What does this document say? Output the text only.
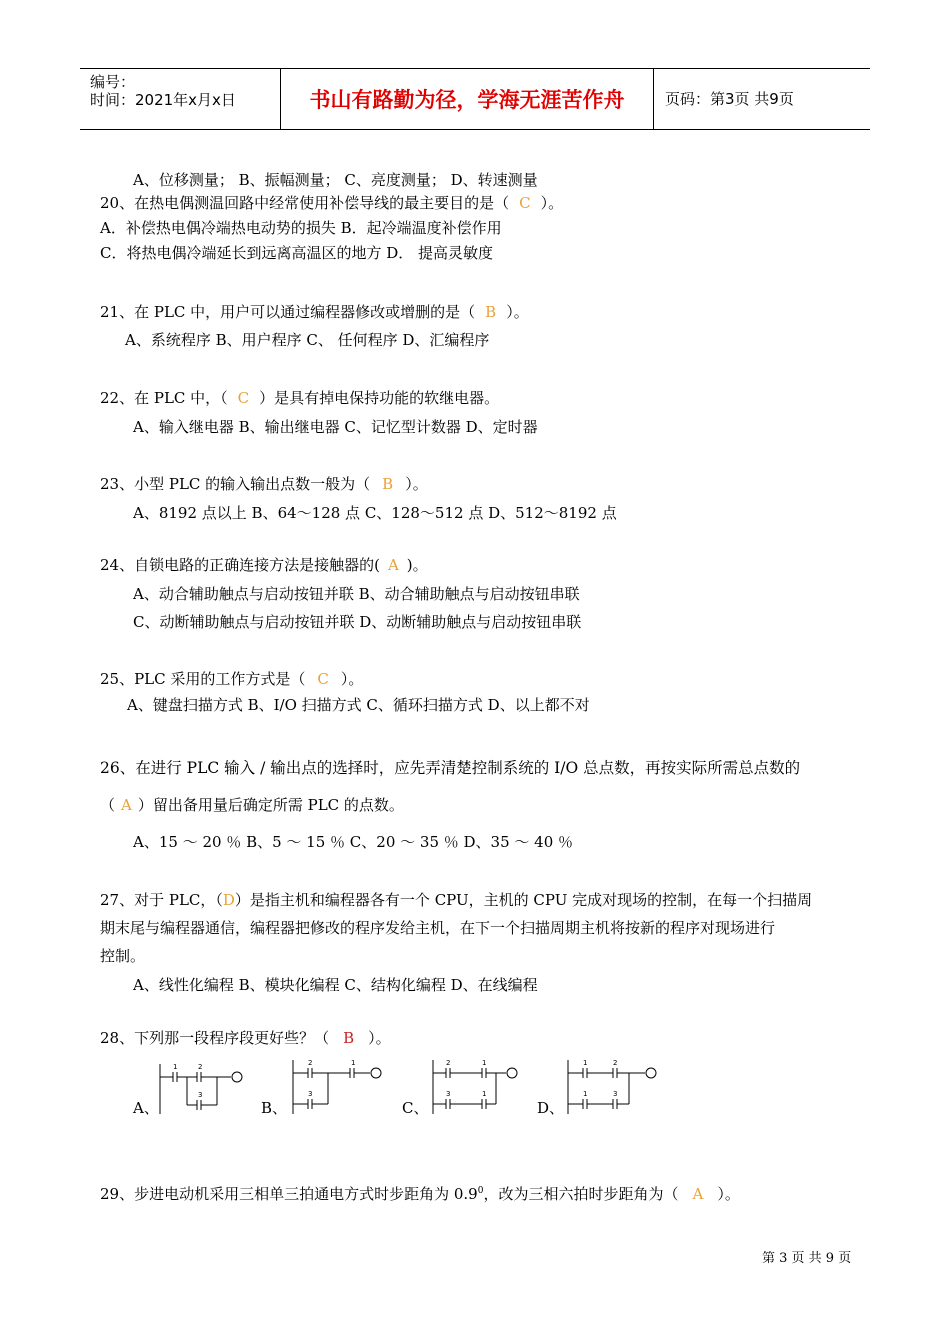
编号：
时间：2021年x月x日	书山有路勤为径，学海无涯苦作舟	页码：第3页 共9页
A、位移测量； B、振幅测量； C、亮度测量； D、转速测量
20、在热电偶测温回路中经常使用补偿导线的最主要目的是（ C ）。
A．补偿热电偶冷端热电动势的损失 B．起冷端温度补偿作用
C．将热电偶冷端延长到远离高温区的地方 D． 提高灵敏度
21、在 PLC 中，用户可以通过编程器修改或增删的是（ B ）。
A、系统程序 B、用户程序 C、 任何程序 D、汇编程序
22、在 PLC 中，（ C ）是具有掉电保持功能的软继电器。
A、输入继电器 B、输出继电器 C、记忆型计数器 D、定时器
23、小型 PLC 的输入输出点数一般为（ B ）。
A、8192 点以上 B、64～128 点 C、128～512 点 D、512～8192 点
24、自锁电路的正确连接方法是接触器的( A )。
A、动合辅助触点与启动按钮并联 B、动合辅助触点与启动按钮串联
C、动断辅助触点与启动按钮并联 D、动断辅助触点与启动按钮串联
25、PLC 采用的工作方式是（ C ）。
A、键盘扫描方式 B、I/O 扫描方式 C、循环扫描方式 D、以上都不对
26、在进行 PLC 输入 / 输出点的选择时，应先弄清楚控制系统的 I/O 总点数，再按实际所需总点数的
（ A ）留出备用量后确定所需 PLC 的点数。
A、15 ～ 20 ％ B、5 ～ 15 ％ C、20 ～ 35 ％ D、35 ～ 40 ％
27、对于 PLC，（D）是指主机和编程器各有一个 CPU，主机的 CPU 完成对现场的控制，在每一个扫描周
期末尾与编程器通信，编程器把修改的程序发给主机，在下一个扫描周期主机将按新的程序对现场进行
控制。
A、线性化编程 B、模块化编程 C、结构化编程 D、在线编程
28、下列那一段程序段更好些？（ B ）。
A、	B、	C、	D、
1	2
3
2	1
3
2	1
3	1
1	2
1	3
29、步进电动机采用三相单三拍通电方式时步距角为 $0.9^0$，改为三相六拍时步距角为（ A ）。
第 3 页 共 9 页
